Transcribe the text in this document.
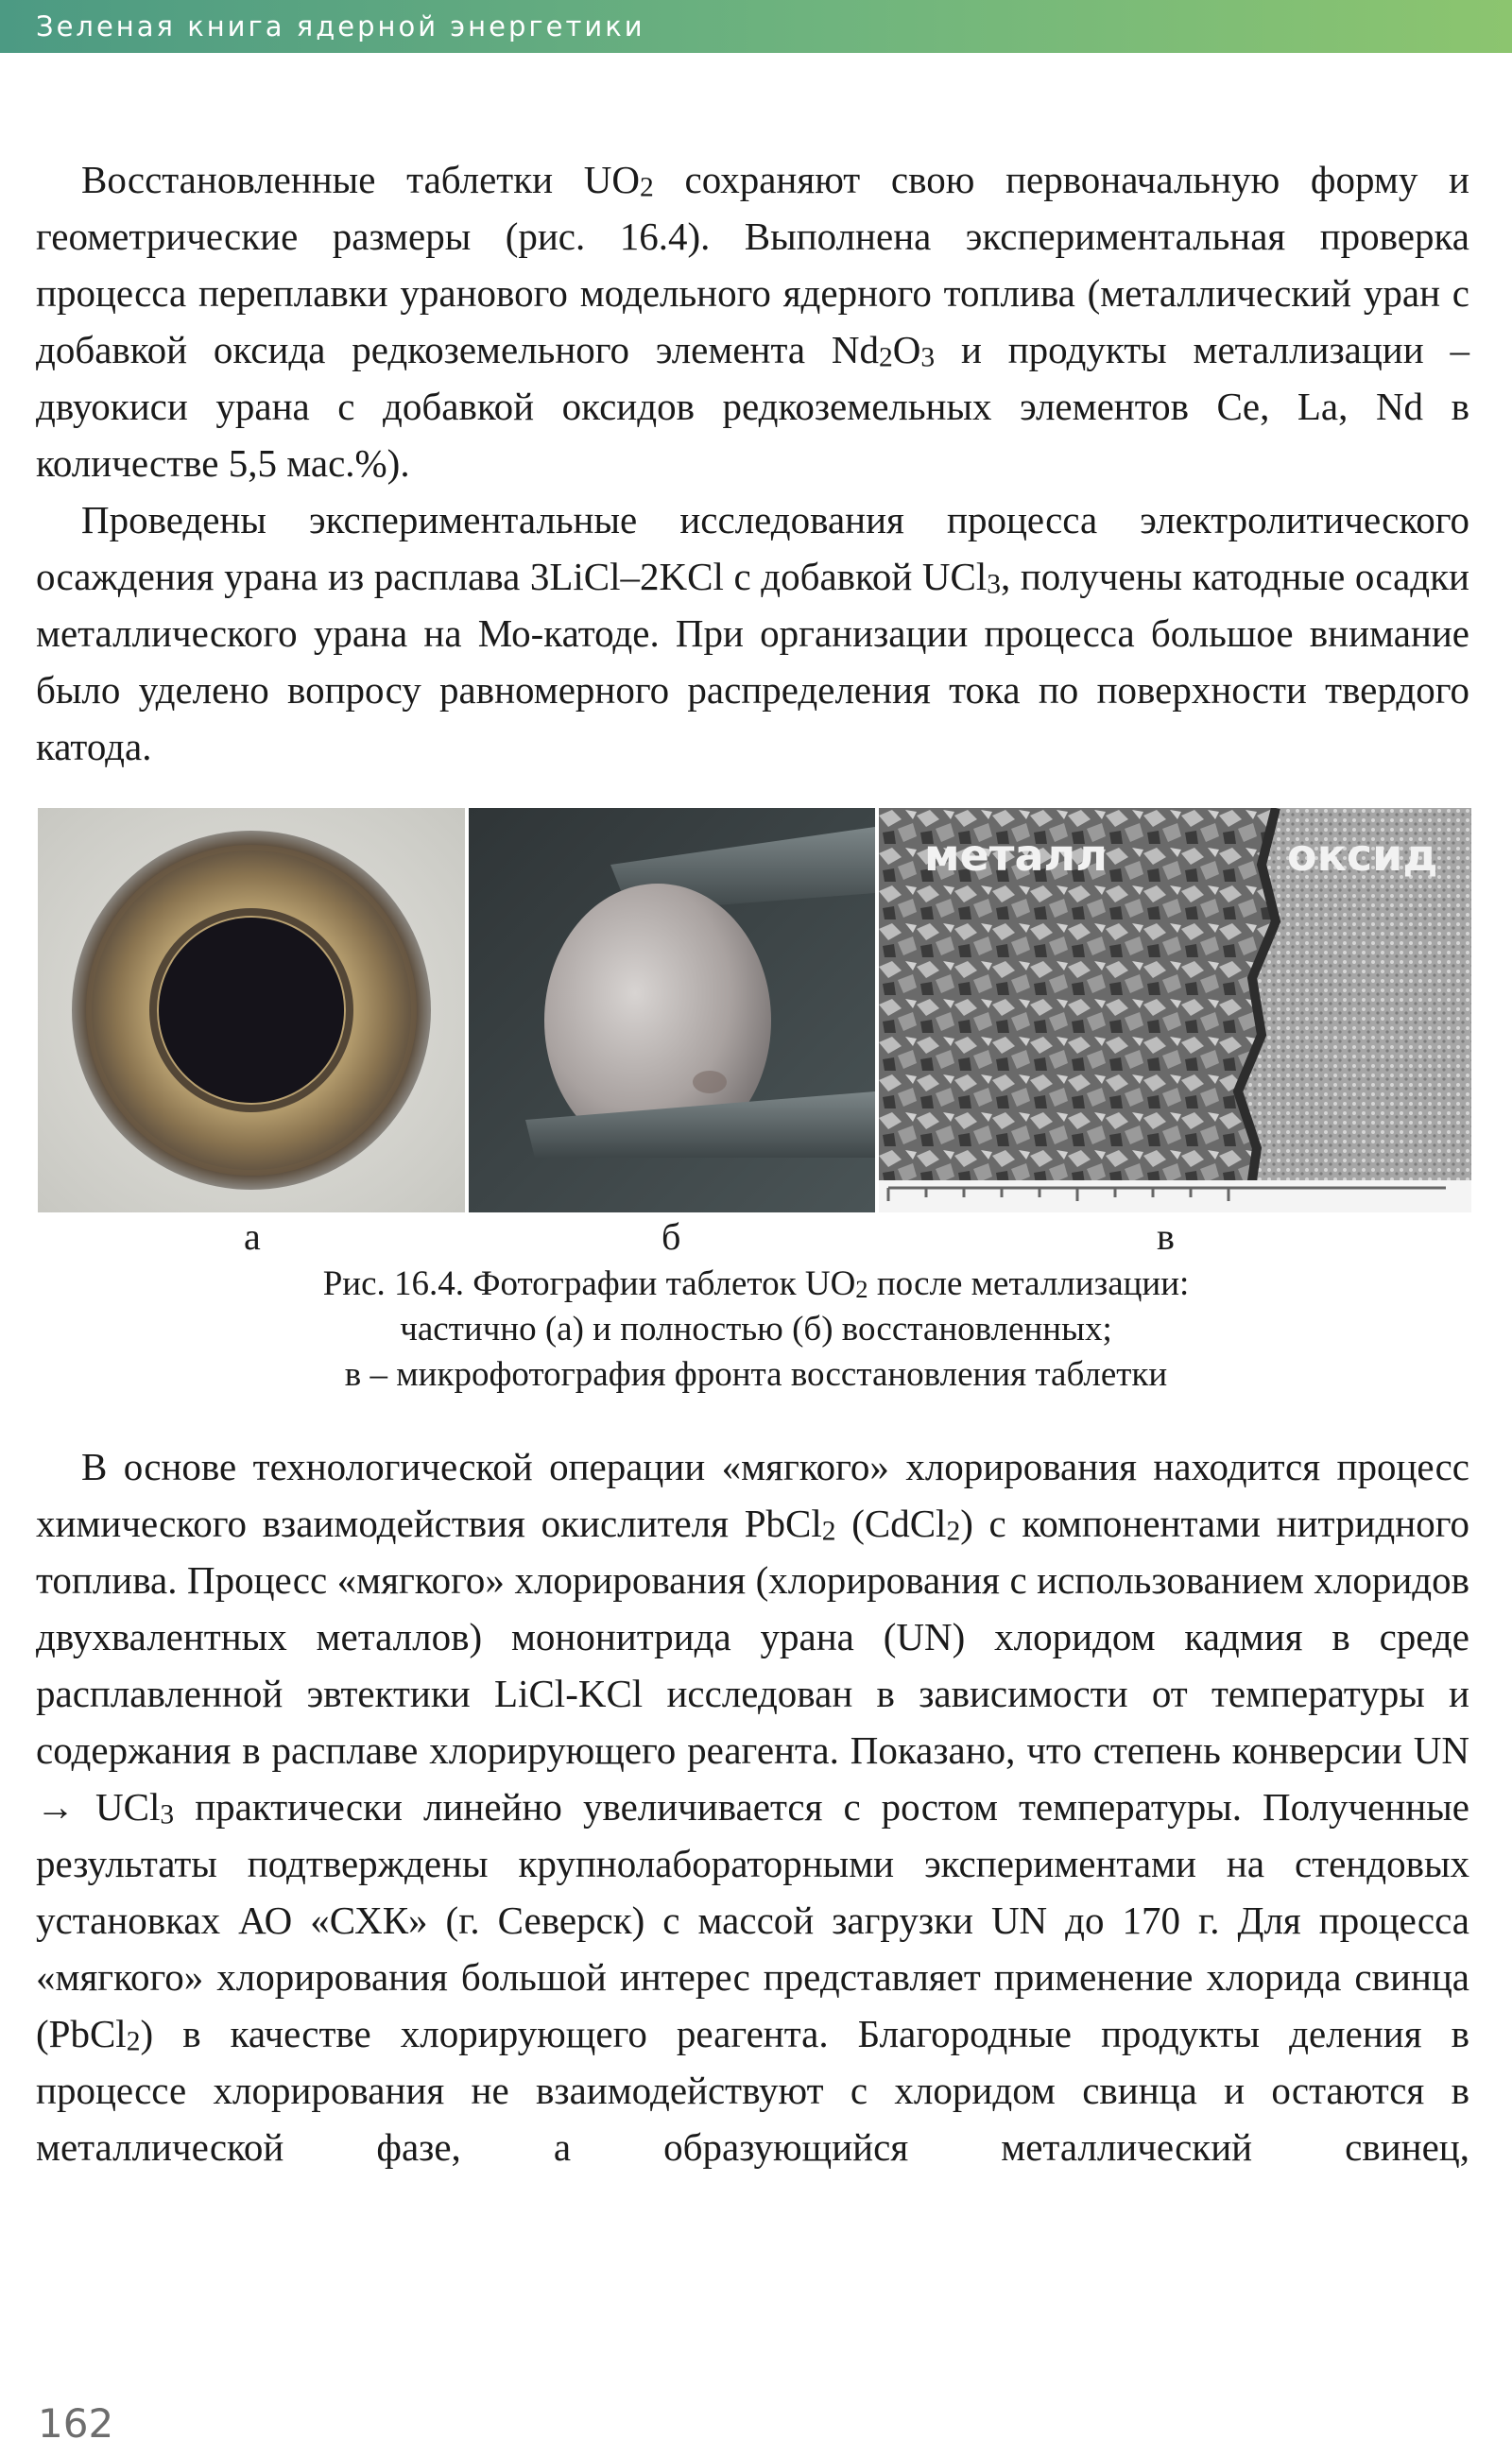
Зеленая книга ядерной энергетики
Восстановленные таблетки $UO_2$ сохраняют свою первоначальную форму и геометрические размеры (рис. 16.4). Выполнена экспериментальная проверка процесса переплавки уранового модельного ядерного топлива (металлический уран с добавкой оксида редкоземельного элемента $Nd_2O_3$ и продукты металлизации – двуокиси урана с добавкой оксидов редкоземельных элементов Ce, La, Nd в количестве 5,5 мас.%).
Проведены экспериментальные исследования процесса электролитического осаждения урана из расплава 3LiCl–2KCl с добавкой UCl$_3$, получены катодные осадки металлического урана на Мо-катоде. При организации процесса большое внимание было уделено вопросу равномерного распределения тока по поверхности твердого катода.
металл	оксид
а	б	в
Рис. 16.4. Фотографии таблеток $UO_2$ после металлизации:
частично (а) и полностью (б) восстановленных;
в – микрофотография фронта восстановления таблетки
В основе технологической операции «мягкого» хлорирования находится процесс химического взаимодействия окислителя PbCl$_2$ (CdCl$_2$) с компонентами нитридного топлива. Процесс «мягкого» хлорирования (хлорирования с использованием хлоридов двухвалентных металлов) мононитрида урана (UN) хлоридом кадмия в среде расплавленной эвтектики LiCl-KCl исследован в зависимости от температуры и содержания в расплаве хлорирующего реагента. Показано, что степень конверсии UN → UCl$_3$ практически линейно увеличивается с ростом температуры. Полученные результаты подтверждены крупнолабораторными экспериментами на стендовых установках АО «СХК» (г. Северск) с массой загрузки UN до 170 г. Для процесса «мягкого» хлорирования большой интерес представляет применение хлорида свинца (PbCl$_2$) в качестве хлорирующего реагента. Благородные продукты деления в процессе хлорирования не взаимодействуют с хлоридом свинца и остаются в металлической фазе, а образующийся металлический свинец,
162
